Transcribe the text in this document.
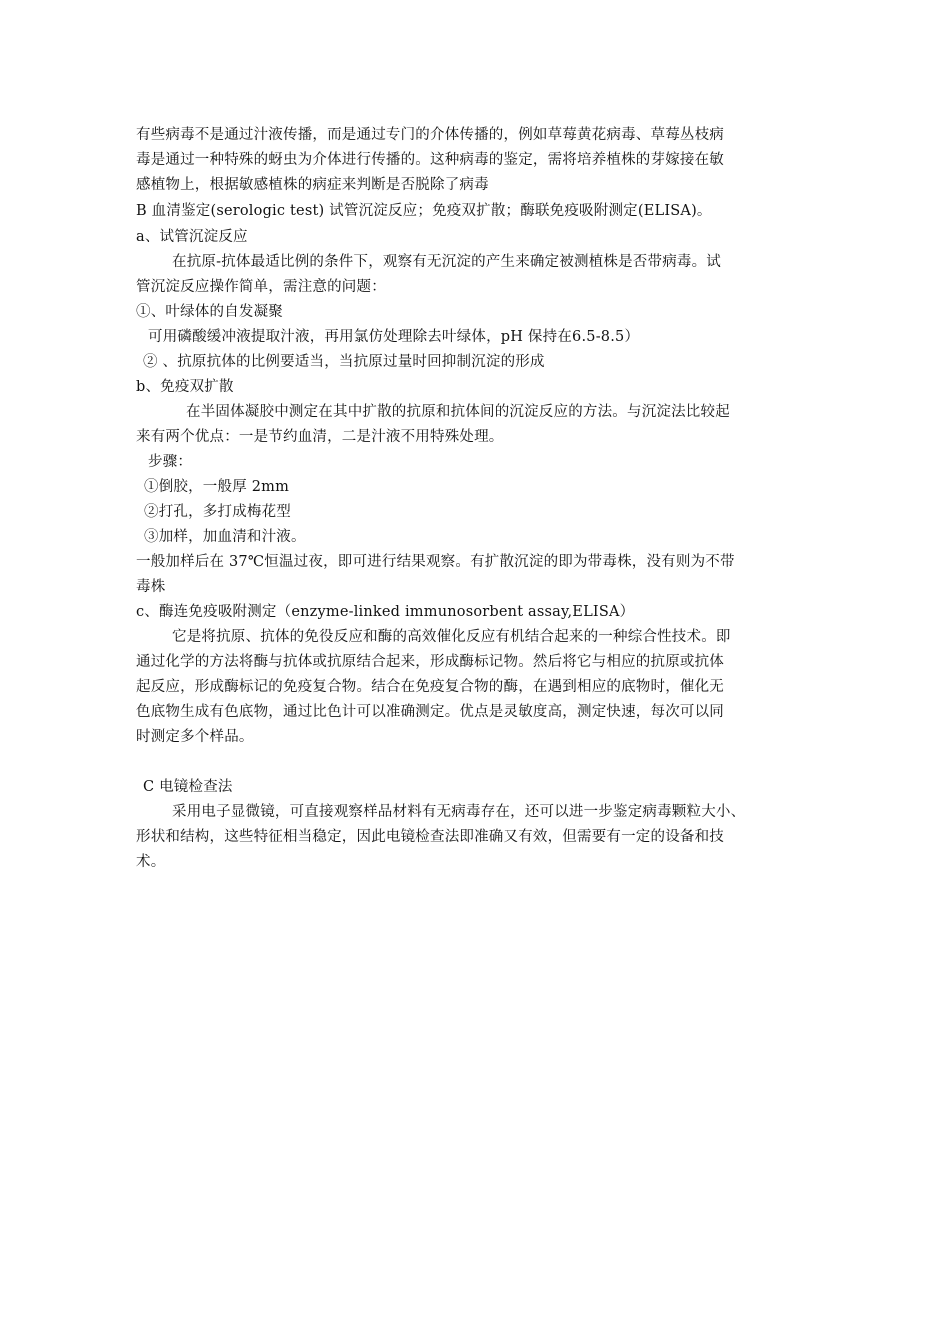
有些病毒不是通过汁液传播，而是通过专门的介体传播的，例如草莓黄花病毒、草莓丛枝病
毒是通过一种特殊的蚜虫为介体进行传播的。这种病毒的鉴定，需将培养植株的芽嫁接在敏
感植物上，根据敏感植株的病症来判断是否脱除了病毒
B 血清鉴定(serologic test) 试管沉淀反应；免疫双扩散；酶联免疫吸附测定(ELISA)。
a、试管沉淀反应
在抗原-抗体最适比例的条件下，观察有无沉淀的产生来确定被测植株是否带病毒。试
管沉淀反应操作简单，需注意的问题：
①、叶绿体的自发凝聚
可用磷酸缓冲液提取汁液，再用氯仿处理除去叶绿体，pH 保持在6.5-8.5）
② 、抗原抗体的比例要适当，当抗原过量时回抑制沉淀的形成
b、免疫双扩散
在半固体凝胶中测定在其中扩散的抗原和抗体间的沉淀反应的方法。与沉淀法比较起
来有两个优点：一是节约血清，二是汁液不用特殊处理。
步骤：
①倒胶，一般厚 2mm
②打孔，多打成梅花型
③加样，加血清和汁液。
一般加样后在 37℃恒温过夜，即可进行结果观察。有扩散沉淀的即为带毒株，没有则为不带
毒株
c、酶连免疫吸附测定（enzyme-linked immunosorbent assay,ELISA）
它是将抗原、抗体的免役反应和酶的高效催化反应有机结合起来的一种综合性技术。即
通过化学的方法将酶与抗体或抗原结合起来，形成酶标记物。然后将它与相应的抗原或抗体
起反应，形成酶标记的免疫复合物。结合在免疫复合物的酶，在遇到相应的底物时，催化无
色底物生成有色底物，通过比色计可以准确测定。优点是灵敏度高，测定快速，每次可以同
时测定多个样品。
C 电镜检查法
采用电子显微镜，可直接观察样品材料有无病毒存在，还可以进一步鉴定病毒颗粒大小、
形状和结构，这些特征相当稳定，因此电镜检查法即准确又有效，但需要有一定的设备和技
术。
